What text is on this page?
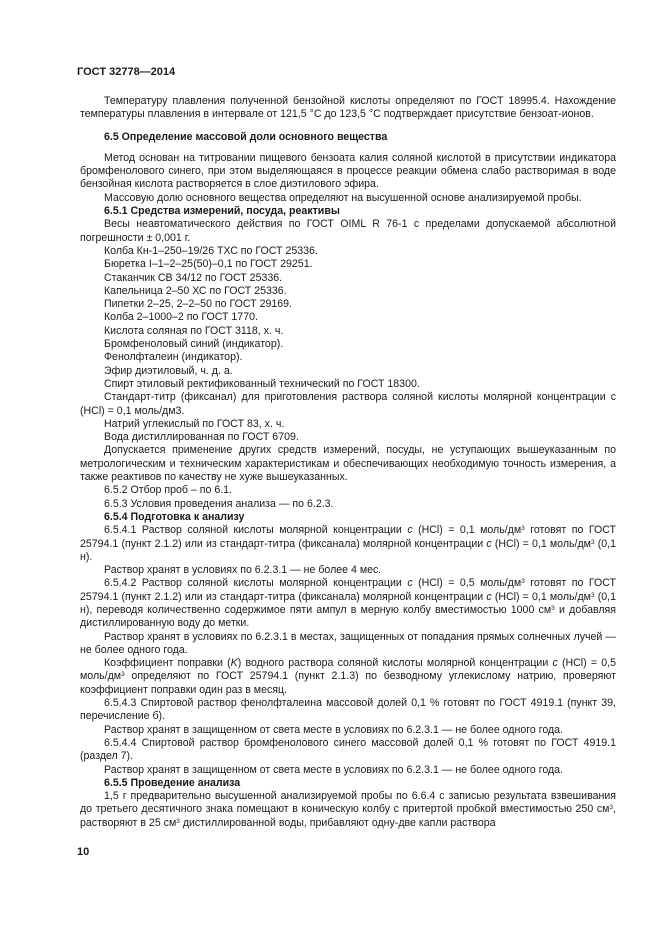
ГОСТ 32778—2014

Температуру плавления полученной бензойной кислоты определяют по ГОСТ 18995.4. Нахождение температуры плавления в интервале от 121,5 °С до 123,5 °С подтверждает присутствие бензоат-ионов.

6.5 Определение массовой доли основного вещества

Метод основан на титровании пищевого бензоата калия соляной кислотой в присутствии индикатора бромфенолового синего, при этом выделяющаяся в процессе реакции обмена слабо растворимая в воде бензойная кислота растворяется в слое диэтилового эфира.

Массовую долю основного вещества определяют на высушенной основе анализируемой пробы.

6.5.1 Средства измерений, посуда, реактивы

Весы неавтоматического действия по ГОСТ OIML R 76-1 с пределами допускаемой абсолютной погрешности ± 0,001 г.

Колба Кн-1–250–19/26 ТХС по ГОСТ 25336.

Бюретка I–1–2–25(50)–0,1 по ГОСТ 29251.

Стаканчик СВ 34/12 по ГОСТ 25336.

Капельница 2–50 ХС по ГОСТ 25336.

Пипетки 2–25, 2–2–50 по ГОСТ 29169.

Колба 2–1000–2 по ГОСТ 1770.

Кислота соляная по ГОСТ 3118, х. ч.

Бромфеноловый синий (индикатор).

Фенолфталеин (индикатор).

Эфир диэтиловый, ч. д. а.

Спирт этиловый ректификованный технический по ГОСТ 18300.

Стандарт-титр (фиксанал) для приготовления раствора соляной кислоты молярной концентрации с (HCl) = 0,1 моль/дм3.

Натрий углекислый по ГОСТ 83, х. ч.

Вода дистиллированная по ГОСТ 6709.

Допускается применение других средств измерений, посуды, не уступающих вышеуказанным по метрологическим и техническим характеристикам и обеспечивающих необходимую точность измерения, а также реактивов по качеству не хуже вышеуказанных.

6.5.2 Отбор проб – по 6.1.

6.5.3 Условия проведения анализа — по 6.2.3.

6.5.4 Подготовка к анализу

6.5.4.1 Раствор соляной кислоты молярной концентрации с (HCl) = 0,1 моль/$дм^3$ готовят по ГОСТ 25794.1 (пункт 2.1.2) или из стандарт-титра (фиксанала) молярной концентрации с (HCl) = 0,1 моль/$дм^3$ (0,1 н).

Раствор хранят в условиях по 6.2.3.1 — не более 4 мес.

6.5.4.2 Раствор соляной кислоты молярной концентрации с (HCl) = 0,5 моль/$дм^3$ готовят по ГОСТ 25794.1 (пункт 2.1.2) или из стандарт-титра (фиксанала) молярной концентрации с (HCl) = 0,1 моль/$дм^3$ (0,1 н), переводя количественно содержимое пяти ампул в мерную колбу вместимостью 1000 $см^3$ и добавляя дистиллированную воду до метки.

Раствор хранят в условиях по 6.2.3.1 в местах, защищенных от попадания прямых солнечных лучей — не более одного года.

Коэффициент поправки (K) водного раствора соляной кислоты молярной концентрации с (HCl) = 0,5 моль/$дм^3$ определяют по ГОСТ 25794.1 (пункт 2.1.3) по безводному углекислому натрию, проверяют коэффициент поправки один раз в месяц.

6.5.4.3 Спиртовой раствор фенолфталеина массовой долей 0,1 % готовят по ГОСТ 4919.1 (пункт 39, перечисление б).

Раствор хранят в защищенном от света месте в условиях по 6.2.3.1 — не более одного года.

6.5.4.4 Спиртовой раствор бромфенолового синего массовой долей 0,1 % готовят по ГОСТ 4919.1 (раздел 7).

Раствор хранят в защищенном от света месте в условиях по 6.2.3.1 — не более одного года.

6.5.5 Проведение анализа

1,5 г предварительно высушенной анализируемой пробы по 6.6.4 с записью результата взвешивания до третьего десятичного знака помещают в коническую колбу с притертой пробкой вместимостью 250 $см^3$, растворяют в 25 $см^3$ дистиллированной воды, прибавляют одну-две капли раствора

10
